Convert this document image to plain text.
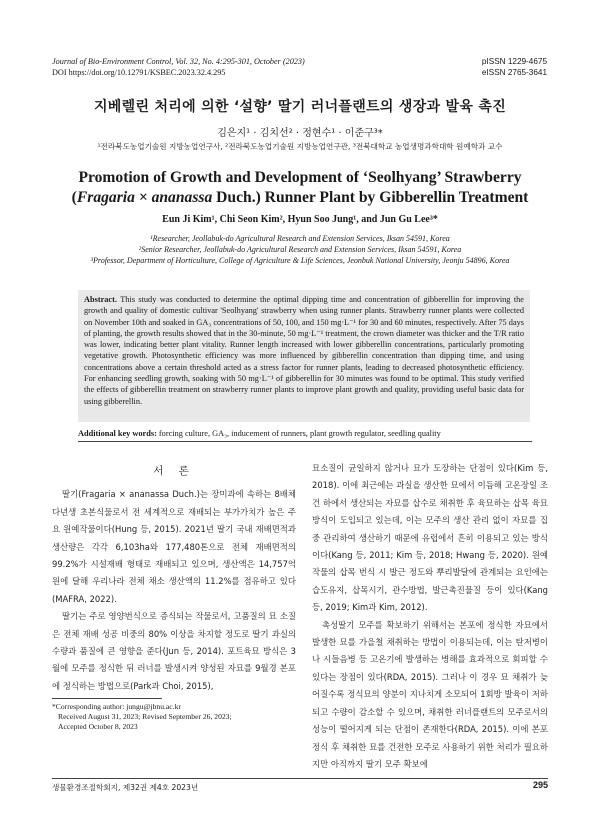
Journal of Bio-Environment Control, Vol. 32, No. 4:295-301, October (2023)
DOI https://doi.org/10.12791/KSBEC.2023.32.4.295
pISSN 1229-4675
eISSN 2765-3641
지베렐린 처리에 의한 ‘설향’ 딸기 러너플랜트의 생장과 발육 촉진
김은지¹ · 김치선² · 정현수¹ · 이준구³*
¹전라북도농업기술원 지방농업연구사, ²전라북도농업기술원 지방농업연구관, ³전북대학교 농업생명과학대학 원예학과 교수
Promotion of Growth and Development of ‘Seolhyang’ Strawberry
(Fragaria × ananassa Duch.) Runner Plant by Gibberellin Treatment
Eun Ji Kim¹, Chi Seon Kim², Hyun Soo Jung¹, and Jun Gu Lee³*
¹Researcher, Jeollabuk-do Agricultural Research and Extension Services, Iksan 54591, Korea
²Senior Researcher, Jeollabuk-do Agricultural Research and Extension Services, Iksan 54591, Korea
³Professor, Department of Horticulture, College of Agriculture & Life Sciences, Jeonbuk National University, Jeonju 54896, Korea
Abstract. This study was conducted to determine the optimal dipping time and concentration of gibberellin for improving the growth and quality of domestic cultivar 'Seolhyang' strawberry when using runner plants. Strawberry runner plants were collected on November 10th and soaked in GA₃ concentrations of 50, 100, and 150 mg·L⁻¹ for 30 and 60 minutes, respectively. After 75 days of planting, the growth results showed that in the 30-minute, 50 mg·L⁻¹ treatment, the crown diameter was thicker and the T/R ratio was lower, indicating better plant vitality. Runner length increased with lower gibberellin concentrations, particularly promoting vegetative growth. Photosynthetic efficiency was more influenced by gibberellin concentration than dipping time, and using concentrations above a certain threshold acted as a stress factor for runner plants, leading to decreased photosynthetic efficiency. For enhancing seedling growth, soaking with 50 mg·L⁻¹ of gibberellin for 30 minutes was found to be optimal. This study verified the effects of gibberellin treatment on strawberry runner plants to improve plant growth and quality, providing useful basic data for using gibberellin.
Additional key words: forcing culture, GA₃, inducement of runners, plant growth regulator, seedling quality
서 론

딸기(Fragaria × ananassa Duch.)는 장미과에 속하는 8배체 다년생 초본식물로서 전 세계적으로 재배되는 부가가치가 높은 주요 원예작물이다(Hung 등, 2015). 2021년 딸기 국내 재배면적과 생산량은 각각 6,103ha와 177,480톤으로 전체 재배면적의 99.2%가 시설재배 형태로 재배되고 있으며, 생산액은 14,757억원에 달해 우리나라 전체 채소 생산액의 11.2%를 점유하고 있다(MAFRA, 2022).

딸기는 주로 영양번식으로 증식되는 작물로서, 고품질의 묘 소질은 전체 재배 성공 비중의 80% 이상을 차지할 정도로 딸기 과실의 수량과 품질에 큰 영향을 준다(Jun 등, 2014). 포트육묘 방식은 3월에 모주를 정식한 뒤 러너를 발생시켜 양성된 자묘를 9월경 본포에 정식하는 방법으로(Park과 Choi, 2015),

묘소질이 균일하지 않거나 묘가 도장하는 단점이 있다(Kim 등, 2018). 이에 최근에는 과실을 생산한 묘에서 이듬해 고온장일 조건 하에서 생산되는 자묘를 삽수로 채취한 후 육묘하는 삽목 육묘 방식이 도입되고 있는데, 이는 모주의 생산 관리 없이 자묘를 집중 관리하여 생산하기 때문에 유럽에서 흔히 이용되고 있는 방식이다(Kang 등, 2011; Kim 등, 2018; Hwang 등, 2020). 원예작물의 삽목 번식 시 발근 정도와 뿌리발달에 관계되는 요인에는 습도유지, 삽목시기, 관수방법, 발근촉진물질 등이 있다(Kang 등, 2019; Kim과 Kim, 2012).

촉성딸기 모주를 확보하기 위해서는 본포에 정식한 자묘에서 발생한 묘를 가을철 채취하는 방법이 이용되는데, 이는 탄저병이나 시들음병 등 고온기에 발생하는 병해를 효과적으로 회피할 수 있다는 장점이 있다(RDA, 2015). 그러나 이 경우 묘 채취가 늦어질수록 정식묘의 양분이 지나치게 소모되어 1회방 발육이 저하되고 수량이 감소할 수 있으며, 채취한 러너플랜트의 모주로서의 성능이 떨어지게 되는 단점이 존재한다(RDA, 2015). 이에 본포 정식 후 채취한 묘를 건전한 모주로 사용하기 위한 처리가 필요하지만 아직까지 딸기 모주 확보에

*Corresponding author: jungu@jbnu.ac.kr
Received August 31, 2023; Revised September 26, 2023;
Accepted October 8, 2023
생물환경조절학회지, 제32권 제4호 2023년	295
